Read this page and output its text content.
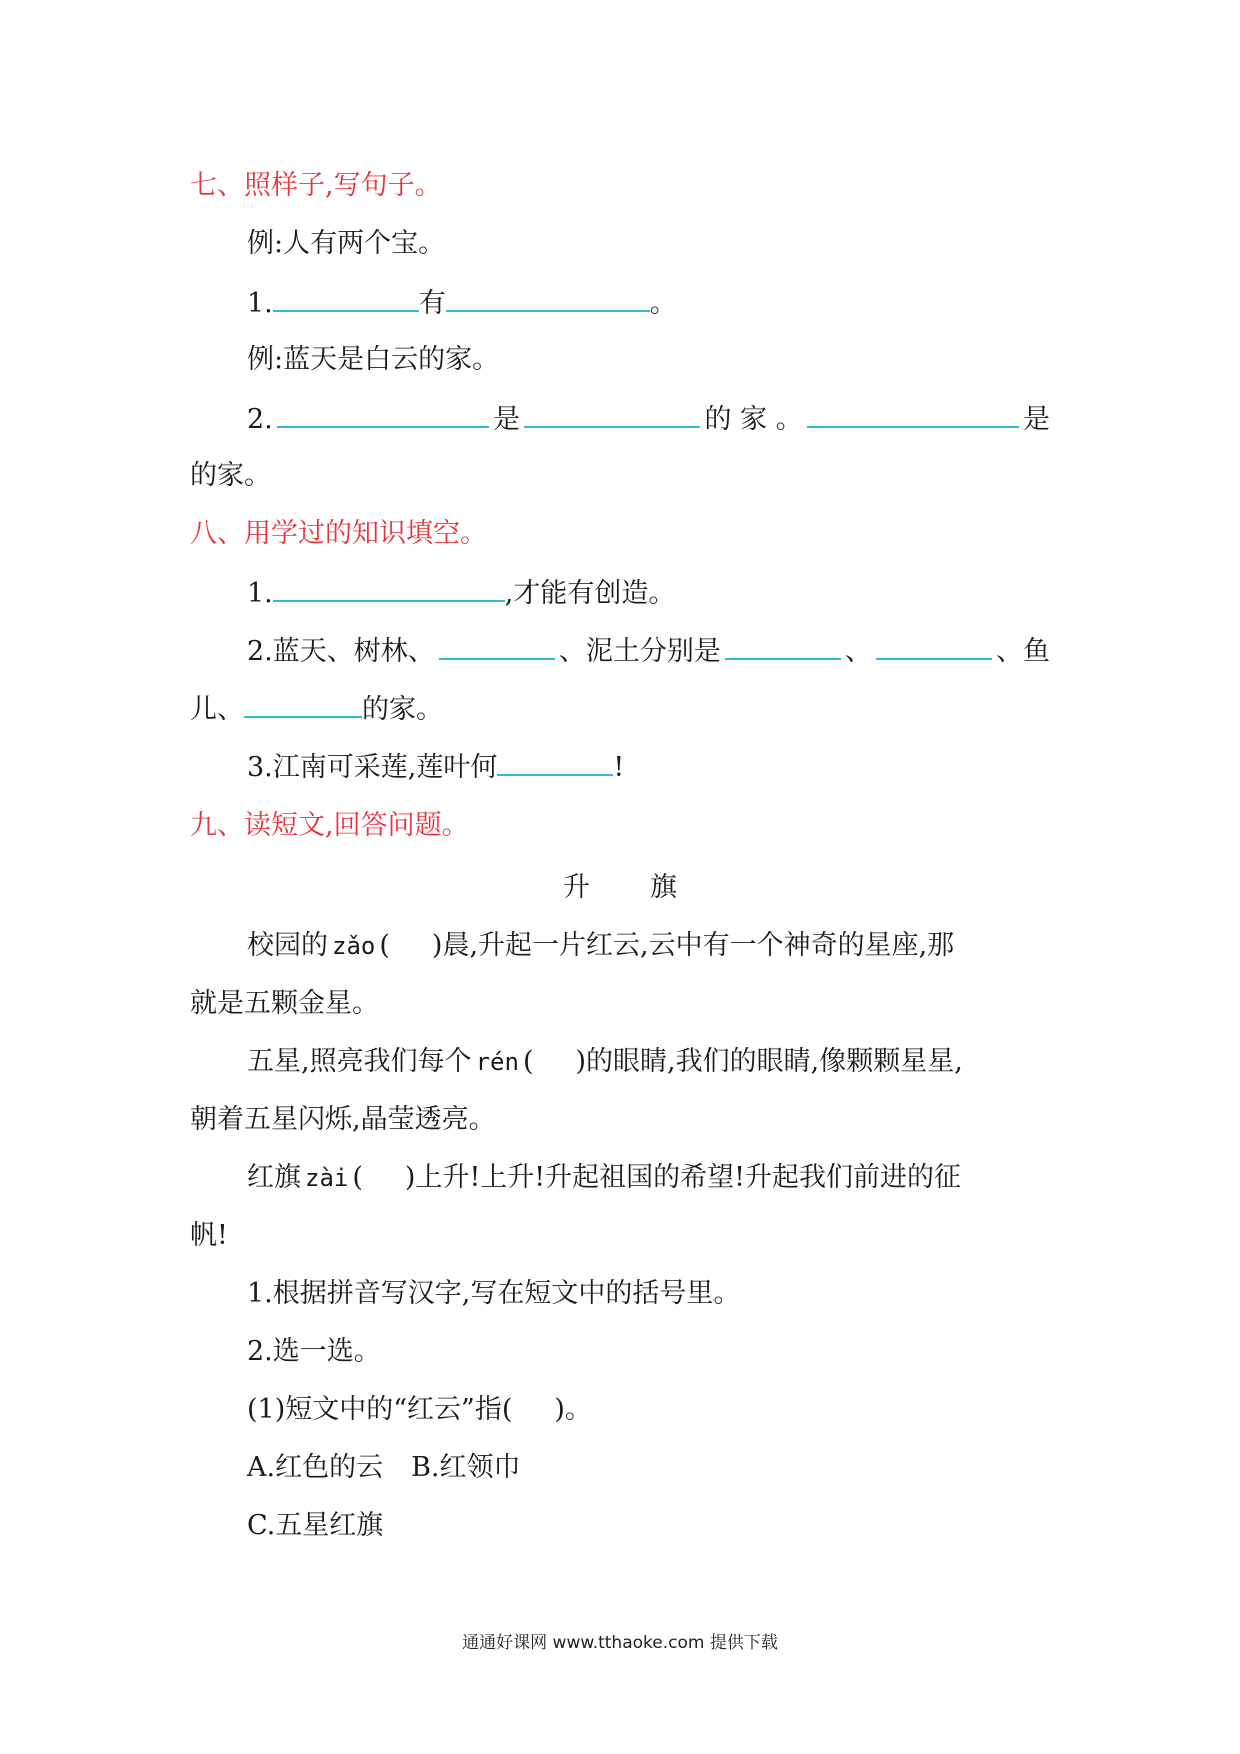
七、照样子,写句子。
例:人有两个宝。
1.	有	。
例:蓝天是白云的家。
2.	是	的 家 。	是
的家。
八、用学过的知识填空。
1.	,才能有创造。
2.蓝天、树林、	、泥土分别是	、	、鱼
儿、	的家。
3.江南可采莲,莲叶何	!
九、读短文,回答问题。
升旗
校园的 zǎo ( )晨,升起一片红云,云中有一个神奇的星座,那
就是五颗金星。
五星,照亮我们每个 rén ( )的眼睛,我们的眼睛,像颗颗星星,
朝着五星闪烁,晶莹透亮。
红旗 zài ( )上升!上升!升起祖国的希望!升起我们前进的征
帆!
1.根据拼音写汉字,写在短文中的括号里。
2.选一选。
(1)短文中的“红云”指( )。
A.红色的云 B.红领巾
C.五星红旗
通通好课网 www.tthaoke.com 提供下载
